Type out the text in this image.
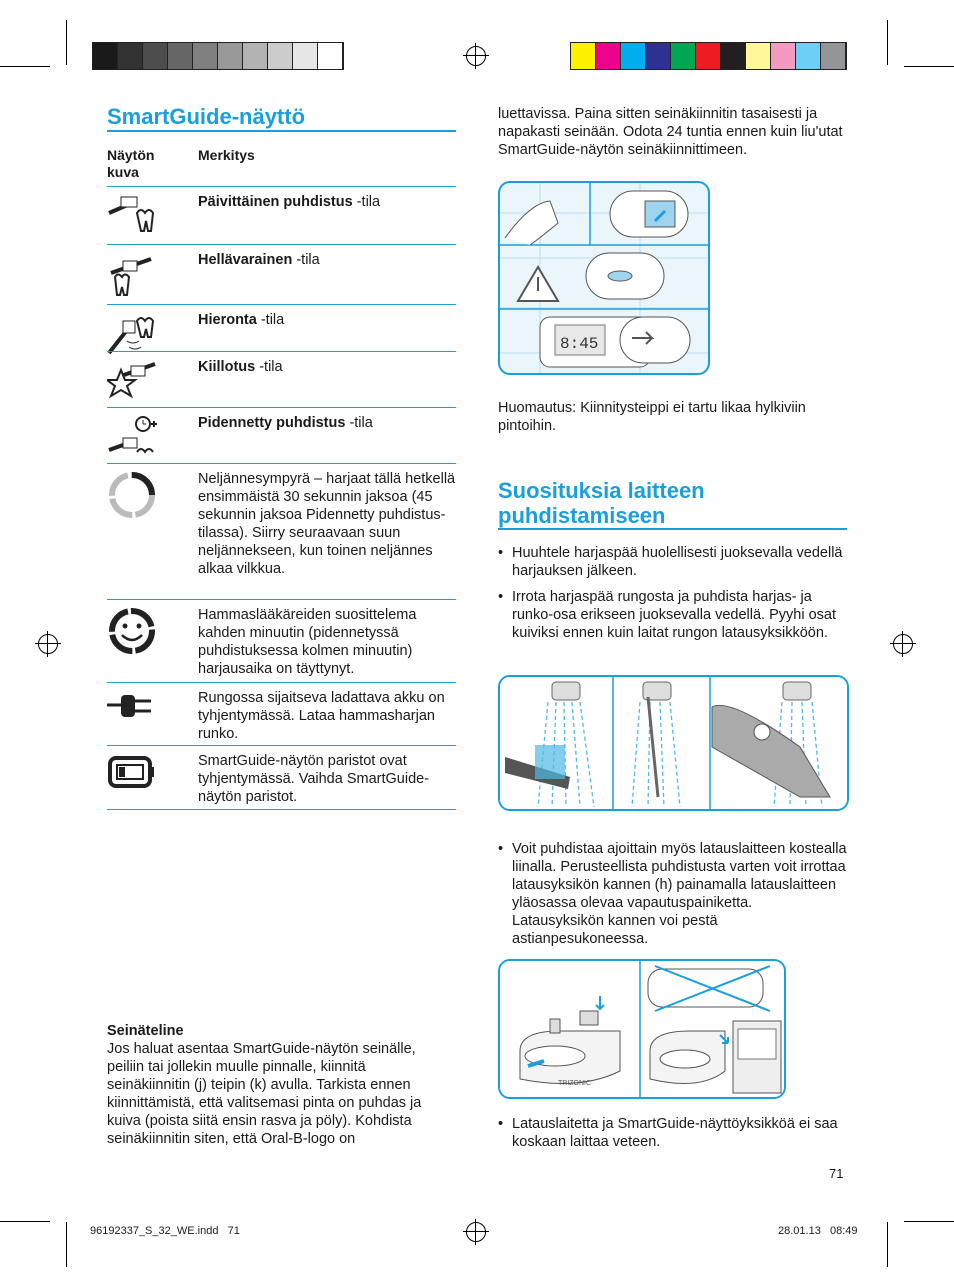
SmartGuide-näyttö
Näytön kuva
Merkitys
Päivittäinen puhdistus -tila
Hellävarainen -tila
Hieronta -tila
Kiillotus -tila
Pidennetty puhdistus -tila
Neljännesympyrä – harjaat tällä hetkellä ensimmäistä 30 sekunnin jaksoa (45 sekunnin jaksoa Pidennetty puhdistus-tilassa). Siirry seuraavaan suun neljännekseen, kun toinen neljännes alkaa vilkkua.
Hammaslääkäreiden suosittelema kahden minuutin (pidennetyssä puhdistuksessa kolmen minuutin) harjausaika on täyttynyt.
Rungossa sijaitseva ladattava akku on tyhjentymässä. Lataa hammasharjan runko.
SmartGuide-näytön paristot ovat tyhjentymässä. Vaihda SmartGuide-näytön paristot.
Seinäteline
Jos haluat asentaa SmartGuide-näytön seinälle, peiliin tai jollekin muulle pinnalle, kiinnitä seinäkiinnitin (j) teipin (k) avulla. Tarkista ennen kiinnittämistä, että valitsemasi pinta on puhdas ja kuiva (poista siitä ensin rasva ja pöly). Kohdista seinäkiinnitin siten, että Oral-B-logo on
luettavissa. Paina sitten seinäkiinnitin tasaisesti ja napakasti seinään. Odota 24 tuntia ennen kuin liu'utat SmartGuide-näytön seinäkiinnittimeen.
8:45
Huomautus: Kiinnitysteippi ei tartu likaa hylkiviin pintoihin.
Suosituksia laitteen puhdistamiseen
• Huuhtele harjaspää huolellisesti juoksevalla vedellä harjauksen jälkeen.
• Irrota harjaspää rungosta ja puhdista harjas- ja runko-osa erikseen juoksevalla vedellä. Pyyhi osat kuiviksi ennen kuin laitat rungon latausyksikköön.
• Voit puhdistaa ajoittain myös latauslaitteen kostealla liinalla. Perusteellista puhdistusta varten voit irrottaa latausyksikön kannen (h) painamalla latauslaitteen yläosassa olevaa vapautuspainiketta. Latausyksikön kannen voi pestä astianpesukoneessa.
TRIZONIC
• Latauslaitetta ja SmartGuide-näyttöyksikköä ei saa koskaan laittaa veteen.
71
96192337_S_32_WE.indd   71	28.01.13   08:49
